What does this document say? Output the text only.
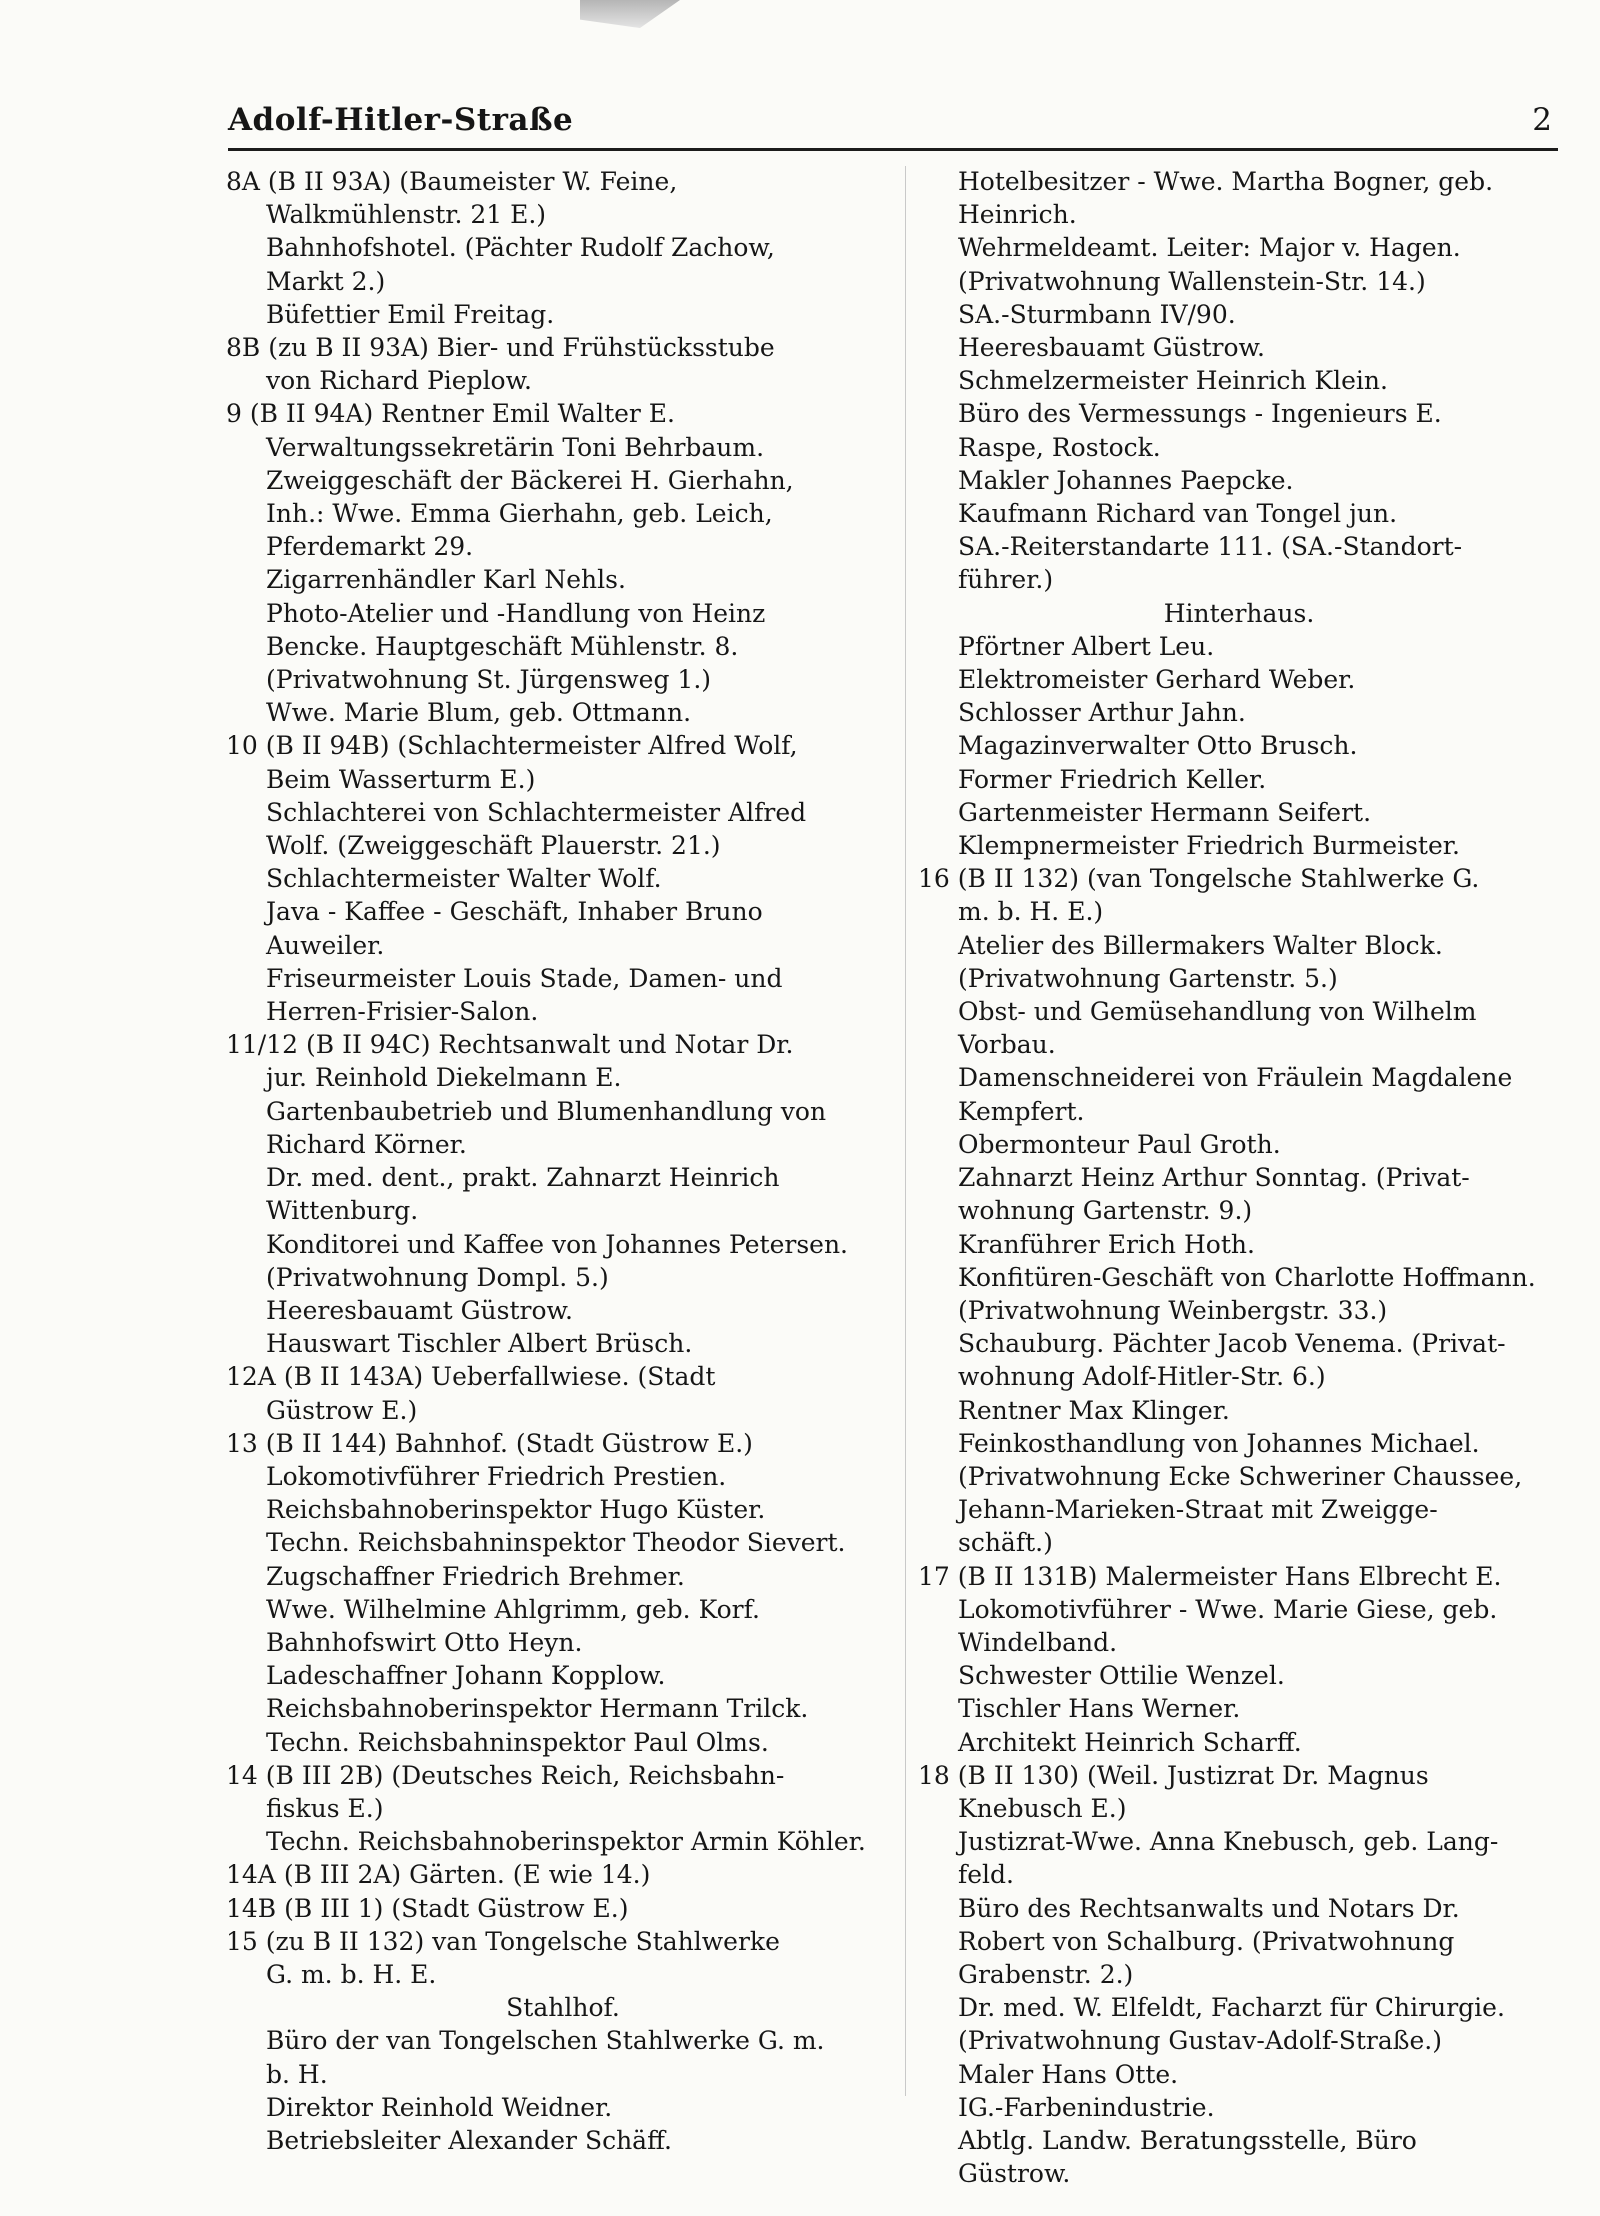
Adolf-Hitler-Straße	2
8A (B II 93A) (Baumeister W. Feine,
Walkmühlenstr. 21 E.)
Bahnhofshotel. (Pächter Rudolf Zachow,
Markt 2.)
Büfettier Emil Freitag.
8B (zu B II 93A) Bier- und Frühstücksstube
von Richard Pieplow.
9 (B II 94A) Rentner Emil Walter E.
Verwaltungssekretärin Toni Behrbaum.
Zweiggeschäft der Bäckerei H. Gierhahn,
Inh.: Wwe. Emma Gierhahn, geb. Leich,
Pferdemarkt 29.
Zigarrenhändler Karl Nehls.
Photo-Atelier und -Handlung von Heinz
Bencke. Hauptgeschäft Mühlenstr. 8.
(Privatwohnung St. Jürgensweg 1.)
Wwe. Marie Blum, geb. Ottmann.
10 (B II 94B) (Schlachtermeister Alfred Wolf,
Beim Wasserturm E.)
Schlachterei von Schlachtermeister Alfred
Wolf. (Zweiggeschäft Plauerstr. 21.)
Schlachtermeister Walter Wolf.
Java - Kaffee - Geschäft, Inhaber Bruno
Auweiler.
Friseurmeister Louis Stade, Damen- und
Herren-Frisier-Salon.
11/12 (B II 94C) Rechtsanwalt und Notar Dr.
jur. Reinhold Diekelmann E.
Gartenbaubetrieb und Blumenhandlung von
Richard Körner.
Dr. med. dent., prakt. Zahnarzt Heinrich
Wittenburg.
Konditorei und Kaffee von Johannes Petersen.
(Privatwohnung Dompl. 5.)
Heeresbauamt Güstrow.
Hauswart Tischler Albert Brüsch.
12A (B II 143A) Ueberfallwiese. (Stadt
Güstrow E.)
13 (B II 144) Bahnhof. (Stadt Güstrow E.)
Lokomotivführer Friedrich Prestien.
Reichsbahnoberinspektor Hugo Küster.
Techn. Reichsbahninspektor Theodor Sievert.
Zugschaffner Friedrich Brehmer.
Wwe. Wilhelmine Ahlgrimm, geb. Korf.
Bahnhofswirt Otto Heyn.
Ladeschaffner Johann Kopplow.
Reichsbahnoberinspektor Hermann Trilck.
Techn. Reichsbahninspektor Paul Olms.
14 (B III 2B) (Deutsches Reich, Reichsbahn-
fiskus E.)
Techn. Reichsbahnoberinspektor Armin Köhler.
14A (B III 2A) Gärten. (E wie 14.)
14B (B III 1) (Stadt Güstrow E.)
15 (zu B II 132) van Tongelsche Stahlwerke
G. m. b. H. E.
Stahlhof.
Büro der van Tongelschen Stahlwerke G. m.
b. H.
Direktor Reinhold Weidner.
Betriebsleiter Alexander Schäff.
Hotelbesitzer - Wwe. Martha Bogner, geb.
Heinrich.
Wehrmeldeamt. Leiter: Major v. Hagen.
(Privatwohnung Wallenstein-Str. 14.)
SA.-Sturmbann IV/90.
Heeresbauamt Güstrow.
Schmelzermeister Heinrich Klein.
Büro des Vermessungs - Ingenieurs E.
Raspe, Rostock.
Makler Johannes Paepcke.
Kaufmann Richard van Tongel jun.
SA.-Reiterstandarte 111. (SA.-Standort-
führer.)
Hinterhaus.
Pförtner Albert Leu.
Elektromeister Gerhard Weber.
Schlosser Arthur Jahn.
Magazinverwalter Otto Brusch.
Former Friedrich Keller.
Gartenmeister Hermann Seifert.
Klempnermeister Friedrich Burmeister.
16 (B II 132) (van Tongelsche Stahlwerke G.
m. b. H. E.)
Atelier des Billermakers Walter Block.
(Privatwohnung Gartenstr. 5.)
Obst- und Gemüsehandlung von Wilhelm
Vorbau.
Damenschneiderei von Fräulein Magdalene
Kempfert.
Obermonteur Paul Groth.
Zahnarzt Heinz Arthur Sonntag. (Privat-
wohnung Gartenstr. 9.)
Kranführer Erich Hoth.
Konfitüren-Geschäft von Charlotte Hoffmann.
(Privatwohnung Weinbergstr. 33.)
Schauburg. Pächter Jacob Venema. (Privat-
wohnung Adolf-Hitler-Str. 6.)
Rentner Max Klinger.
Feinkosthandlung von Johannes Michael.
(Privatwohnung Ecke Schweriner Chaussee,
Jehann-Marieken-Straat mit Zweigge-
schäft.)
17 (B II 131B) Malermeister Hans Elbrecht E.
Lokomotivführer - Wwe. Marie Giese, geb.
Windelband.
Schwester Ottilie Wenzel.
Tischler Hans Werner.
Architekt Heinrich Scharff.
18 (B II 130) (Weil. Justizrat Dr. Magnus
Knebusch E.)
Justizrat-Wwe. Anna Knebusch, geb. Lang-
feld.
Büro des Rechtsanwalts und Notars Dr.
Robert von Schalburg. (Privatwohnung
Grabenstr. 2.)
Dr. med. W. Elfeldt, Facharzt für Chirurgie.
(Privatwohnung Gustav-Adolf-Straße.)
Maler Hans Otte.
IG.-Farbenindustrie.
Abtlg. Landw. Beratungsstelle, Büro
Güstrow.
